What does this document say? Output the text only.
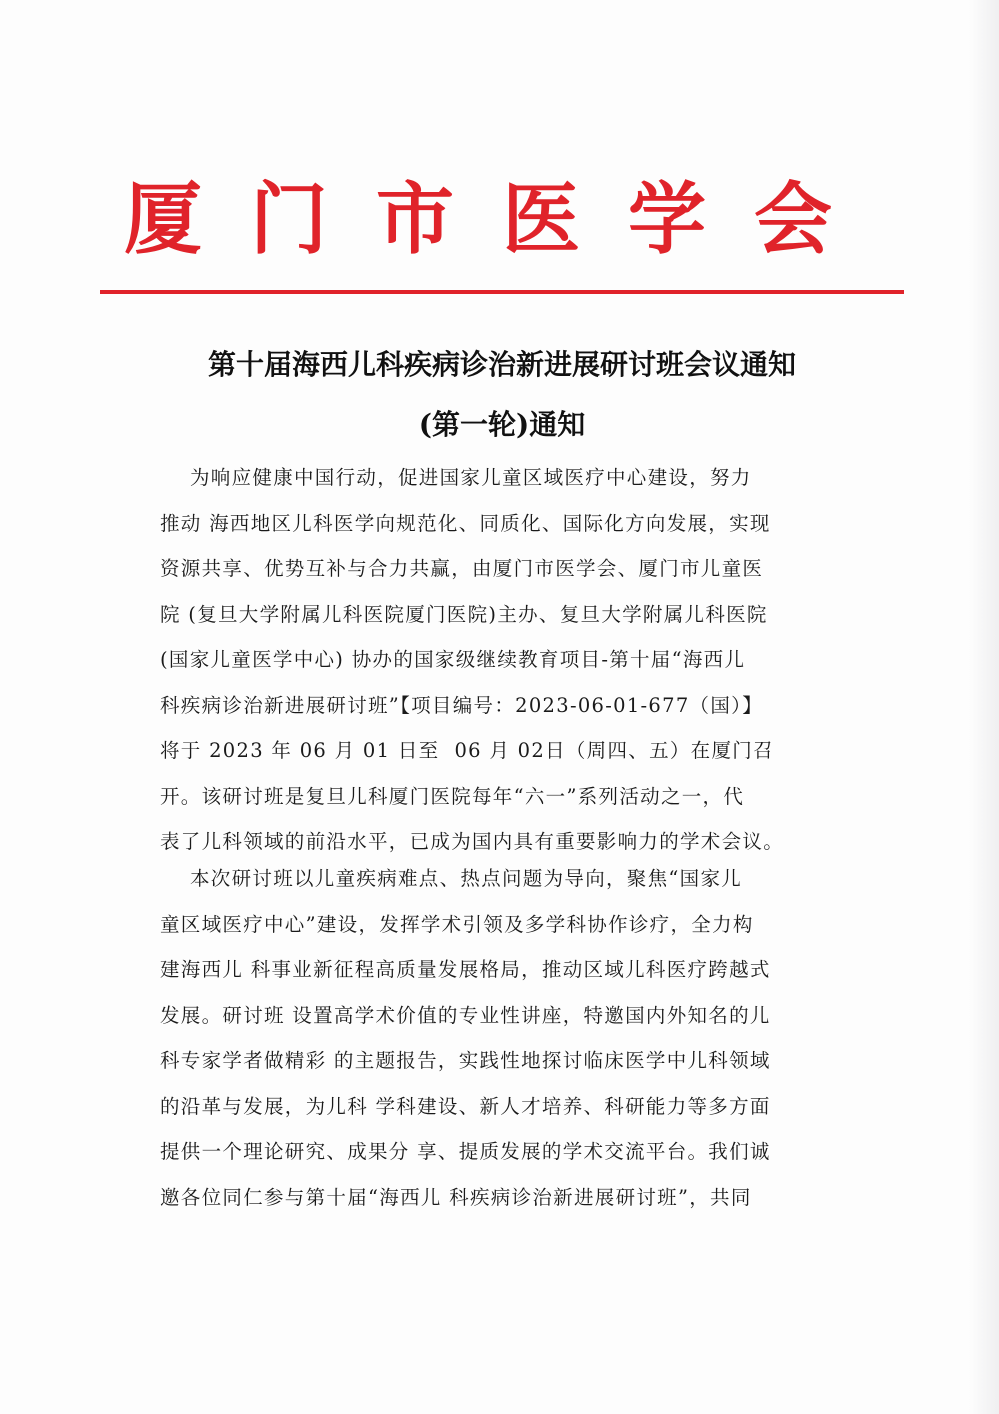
厦门市医学会
第十届海西儿科疾病诊治新进展研讨班会议通知
(第一轮)通知
为响应健康中国行动，促进国家儿童区域医疗中心建设，努力
推动 海西地区儿科医学向规范化、同质化、国际化方向发展，实现
资源共享、优势互补与合力共赢，由厦门市医学会、厦门市儿童医
院 (复旦大学附属儿科医院厦门医院)主办、复旦大学附属儿科医院
(国家儿童医学中心) 协办的国家级继续教育项目-第十届“海西儿
科疾病诊治新进展研讨班”【项目编号：2023-06-01-677（国）】
将于 2023 年 06 月 01 日至  06 月 02日（周四、五）在厦门召
开。该研讨班是复旦儿科厦门医院每年“六一”系列活动之一，代
表了儿科领域的前沿水平，已成为国内具有重要影响力的学术会议。
本次研讨班以儿童疾病难点、热点问题为导向，聚焦“国家儿
童区域医疗中心”建设，发挥学术引领及多学科协作诊疗，全力构
建海西儿 科事业新征程高质量发展格局，推动区域儿科医疗跨越式
发展。研讨班 设置高学术价值的专业性讲座，特邀国内外知名的儿
科专家学者做精彩 的主题报告，实践性地探讨临床医学中儿科领域
的沿革与发展，为儿科 学科建设、新人才培养、科研能力等多方面
提供一个理论研究、成果分 享、提质发展的学术交流平台。我们诚
邀各位同仁参与第十届“海西儿 科疾病诊治新进展研讨班”，共同
